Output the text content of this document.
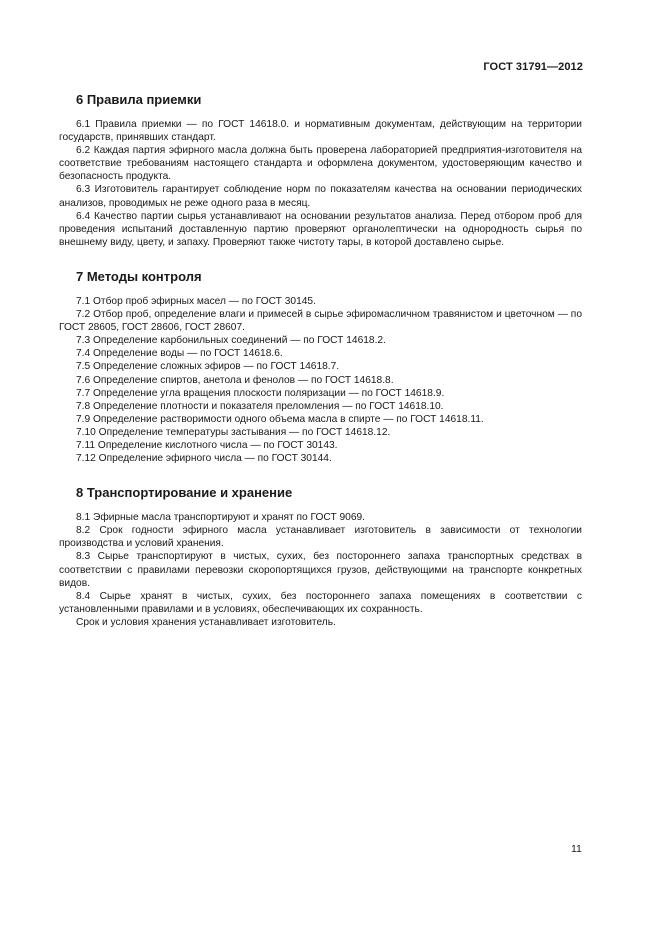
ГОСТ 31791—2012
6 Правила приемки

6.1 Правила приемки — по ГОСТ 14618.0. и нормативным документам, действующим на территории государств, принявших стандарт.

6.2 Каждая партия эфирного масла должна быть проверена лабораторией предприятия-изготовителя на соответствие требованиям настоящего стандарта и оформлена документом, удостоверяющим качество и безопасность продукта.

6.3 Изготовитель гарантирует соблюдение норм по показателям качества на основании периодических анализов, проводимых не реже одного раза в месяц.

6.4 Качество партии сырья устанавливают на основании результатов анализа. Перед отбором проб для проведения испытаний доставленную партию проверяют органолептически на однородность сырья по внешнему виду, цвету, и запаху. Проверяют также чистоту тары, в которой доставлено сырье.

7 Методы контроля

7.1 Отбор проб эфирных масел — по ГОСТ 30145.

7.2 Отбор проб, определение влаги и примесей в сырье эфиромасличном травянистом и цветочном — по ГОСТ 28605, ГОСТ 28606, ГОСТ 28607.

7.3 Определение карбонильных соединений — по ГОСТ 14618.2.

7.4 Определение воды — по ГОСТ 14618.6.

7.5 Определение сложных эфиров — по ГОСТ 14618.7.

7.6 Определение спиртов, анетола и фенолов — по ГОСТ 14618.8.

7.7 Определение угла вращения плоскости поляризации — по ГОСТ 14618.9.

7.8 Определение плотности и показателя преломления — по ГОСТ 14618.10.

7.9 Определение растворимости одного объема масла в спирте — по ГОСТ 14618.11.

7.10 Определение температуры застывания — по ГОСТ 14618.12.

7.11 Определение кислотного числа — по ГОСТ 30143.

7.12 Определение эфирного числа — по ГОСТ 30144.

8 Транспортирование и хранение

8.1 Эфирные масла транспортируют и хранят по ГОСТ 9069.

8.2 Срок годности эфирного масла устанавливает изготовитель в зависимости от технологии производства и условий хранения.

8.3 Сырье транспортируют в чистых, сухих, без постороннего запаха транспортных средствах в соответствии с правилами перевозки скоропортящихся грузов, действующими на транспорте конкретных видов.

8.4 Сырье хранят в чистых, сухих, без постороннего запаха помещениях в соответствии с установленными правилами и в условиях, обеспечивающих их сохранность.

Срок и условия хранения устанавливает изготовитель.

11
